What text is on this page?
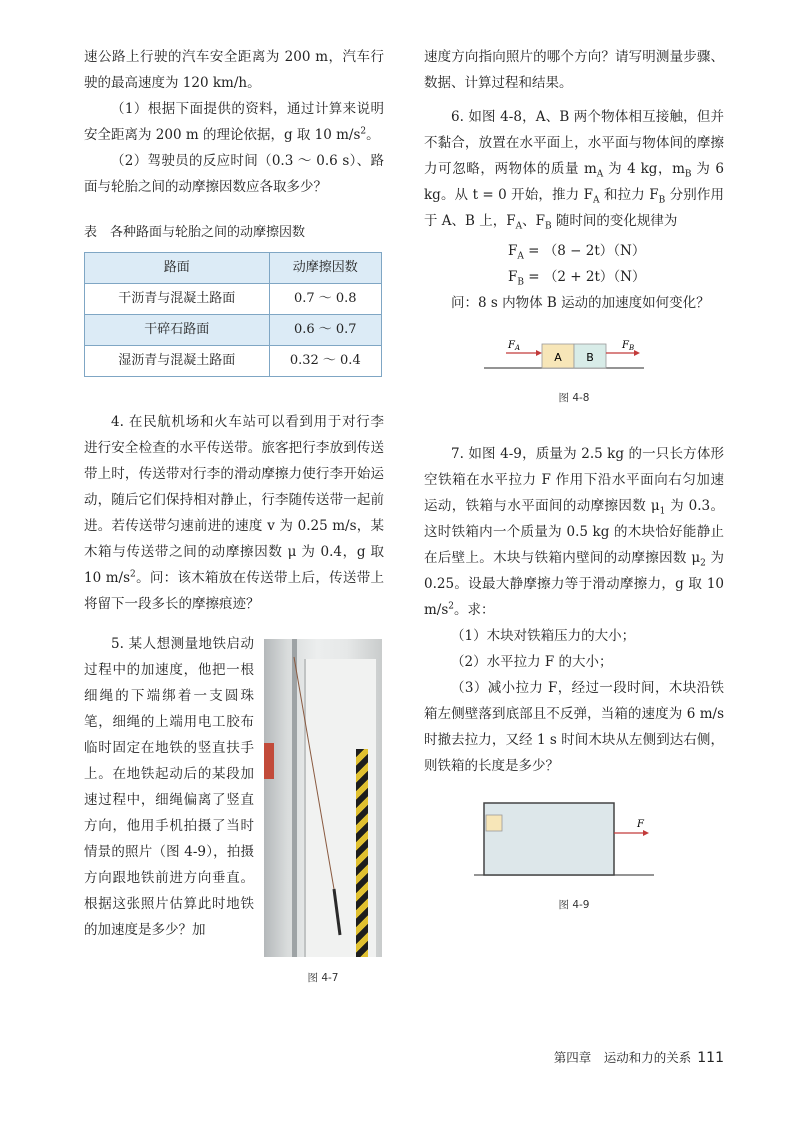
速公路上行驶的汽车安全距离为 200 m，汽车行驶的最高速度为 120 km/h。

（1）根据下面提供的资料，通过计算来说明安全距离为 200 m 的理论依据，g 取 10 $m/s^2$。

（2）驾驶员的反应时间（0.3 ～ 0.6 s）、路面与轮胎之间的动摩擦因数应各取多少？

表　各种路面与轮胎之间的动摩擦因数

路面	动摩擦因数
干沥青与混凝土路面	0.7 ～ 0.8
干碎石路面	0.6 ～ 0.7
湿沥青与混凝土路面	0.32 ～ 0.4

4. 在民航机场和火车站可以看到用于对行李进行安全检查的水平传送带。旅客把行李放到传送带上时，传送带对行李的滑动摩擦力使行李开始运动，随后它们保持相对静止，行李随传送带一起前进。若传送带匀速前进的速度 v 为 0.25 m/s，某木箱与传送带之间的动摩擦因数 μ 为 0.4，g 取 10 $m/s^2$。问：该木箱放在传送带上后，传送带上将留下一段多长的摩擦痕迹？

5. 某人想测量地铁启动过程中的加速度，他把一根细绳的下端绑着一支圆珠笔，细绳的上端用电工胶布临时固定在地铁的竖直扶手上。在地铁起动后的某段加速过程中，细绳偏离了竖直方向，他用手机拍摄了当时情景的照片（图 4-9），拍摄方向跟地铁前进方向垂直。根据这张照片估算此时地铁的加速度是多少？加

图 4-7

速度方向指向照片的哪个方向？请写明测量步骤、数据、计算过程和结果。

6. 如图 4-8，A、B 两个物体相互接触，但并不黏合，放置在水平面上，水平面与物体间的摩擦力可忽略，两物体的质量 $m_A$ 为 4 kg，$m_B$ 为 6 kg。从 t = 0 开始，推力 $F_A$ 和拉力 $F_B$ 分别作用于 A、B 上，$F_A$、$F_B$ 随时间的变化规律为

$F_A = (8 - 2t)(N)$

$F_B = (2 + 2t)(N)$

问：8 s 内物体 B 运动的加速度如何变化？

A B
$F_A$	$F_B$
图 4-8

7. 如图 4-9，质量为 2.5 kg 的一只长方体形空铁箱在水平拉力 F 作用下沿水平面向右匀加速运动，铁箱与水平面间的动摩擦因数 $\mu_1$ 为 0.3。这时铁箱内一个质量为 0.5 kg 的木块恰好能静止在后壁上。木块与铁箱内壁间的动摩擦因数 $\mu_2$ 为 0.25。设最大静摩擦力等于滑动摩擦力，g 取 10 $m/s^2$。求：

（1）木块对铁箱压力的大小；

（2）水平拉力 F 的大小；

（3）减小拉力 F，经过一段时间，木块沿铁箱左侧壁落到底部且不反弹，当箱的速度为 6 m/s 时撤去拉力，又经 1 s 时间木块从左侧到达右侧，则铁箱的长度是多少？

F
图 4-9
第四章　运动和力的关系 111
